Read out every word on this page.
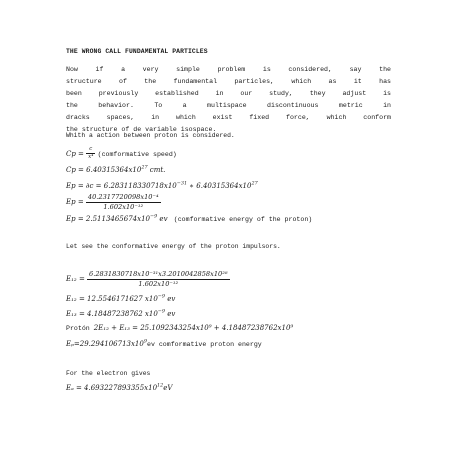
THE WRONG CALL FUNDAMENTAL PARTICLES
Now if a very simple problem is considered, say the
structure of the fundamental particles, which as it has
been previously established in our study, they adjust is
the behavior. To a multispace discontinuous metric in
dracks spaces, in which exist fixed force, which conform
the structure of de variable isospace.
Whith a action between proton is considered.
$Cp = \frac{c}{\text{x⁴}}$ (comformative speed)
$Cp = 6.40315364x10^{27}$ cmt.
$Ep = \partial c = 6.283118330718x10^{-31}$ ∗ $6.40315364x10^{27}$
$Ep = \frac{\text{40.2317720098x10⁻⁴}}{\text{1.602x10⁻¹²}}$
$Ep = 2.5113465674x10^{-9}$ ev (comformative energy of the proton)
Let see the conformative energy of the proton impulsors.
$E_{12} = \frac{\text{6.2831830718x10⁻³¹x3.2010042858x10²⁸}}{\text{1.602x10⁻¹²}}$
E₁₂ = 12.5546171627 $x10^{-9}$ ev
E₁₃ = 4.18487238762 $x10^{-9}$ ev
Protón 2E₁₂ + E₁₃ = 25.1092343254x10⁹ + 4.18487238762x10⁹
$E_p=29.294106713x10^9ev$ comformative proton energy
For the electron gives
$E_a = 4.693227893355x10^{12}eV$
